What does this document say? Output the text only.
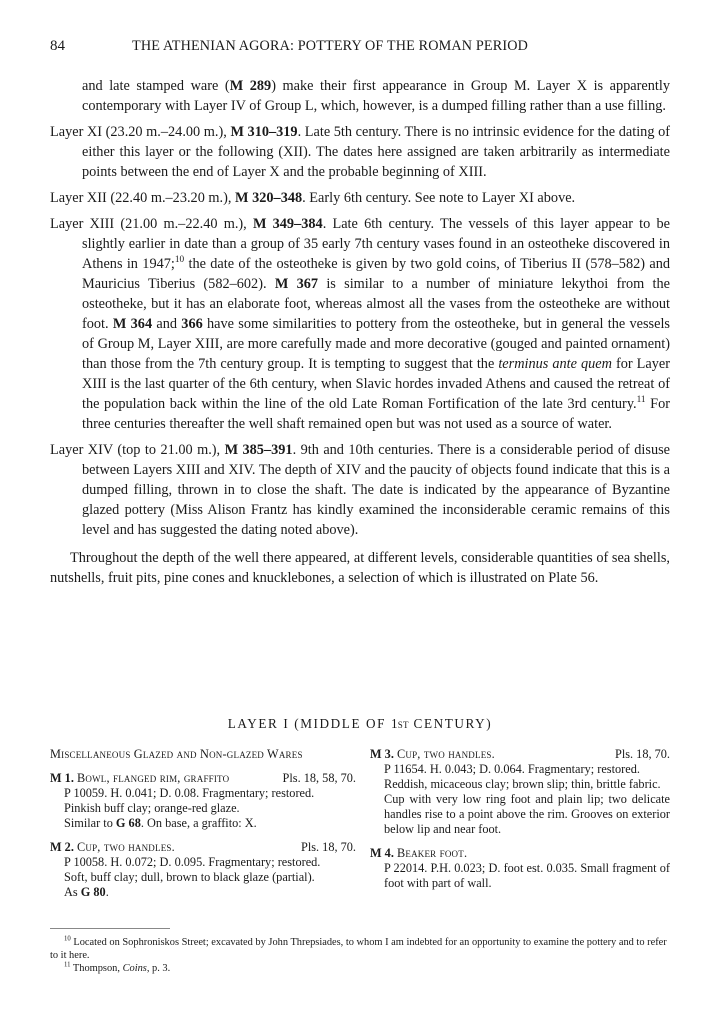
84	THE ATHENIAN AGORA: POTTERY OF THE ROMAN PERIOD

and late stamped ware (M 289) make their first appearance in Group M. Layer X is apparently contemporary with Layer IV of Group L, which, however, is a dumped filling rather than a use filling.

Layer XI (23.20 m.–24.00 m.), M 310–319. Late 5th century. There is no intrinsic evidence for the dating of either this layer or the following (XII). The dates here assigned are taken arbitrarily as intermediate points between the end of Layer X and the probable beginning of XIII.

Layer XII (22.40 m.–23.20 m.), M 320–348. Early 6th century. See note to Layer XI above.

Layer XIII (21.00 m.–22.40 m.), M 349–384. Late 6th century. The vessels of this layer appear to be slightly earlier in date than a group of 35 early 7th century vases found in an osteotheke discovered in Athens in 1947;$^{10}$ the date of the osteotheke is given by two gold coins, of Tiberius II (578–582) and Mauricius Tiberius (582–602). M 367 is similar to a number of miniature lekythoi from the osteotheke, but it has an elaborate foot, whereas almost all the vases from the osteotheke are without foot. M 364 and 366 have some similarities to pottery from the osteotheke, but in general the vessels of Group M, Layer XIII, are more carefully made and more decorative (gouged and painted ornament) than those from the 7th century group. It is tempting to suggest that the terminus ante quem for Layer XIII is the last quarter of the 6th century, when Slavic hordes invaded Athens and caused the retreat of the population back within the line of the old Late Roman Fortification of the late 3rd century.$^{11}$ For three centuries thereafter the well shaft remained open but was not used as a source of water.

Layer XIV (top to 21.00 m.), M 385–391. 9th and 10th centuries. There is a considerable period of disuse between Layers XIII and XIV. The depth of XIV and the paucity of objects found indicate that this is a dumped filling, thrown in to close the shaft. The date is indicated by the appearance of Byzantine glazed pottery (Miss Alison Frantz has kindly examined the inconsiderable ceramic remains of this level and has suggested the dating noted above).

Throughout the depth of the well there appeared, at different levels, considerable quantities of sea shells, nutshells, fruit pits, pine cones and knucklebones, a selection of which is illustrated on Plate 56.

LAYER I (MIDDLE OF 1st CENTURY)

Miscellaneous Glazed and Non-glazed Wares

M 1. Bowl, flanged rim, graffito	Pls. 18, 58, 70.

P 10059. H. 0.041; D. 0.08. Fragmentary; restored.

Pinkish buff clay; orange-red glaze.

Similar to G 68. On base, a graffito: X.

M 2. Cup, two handles.	Pls. 18, 70.

P 10058. H. 0.072; D. 0.095. Fragmentary; restored.

Soft, buff clay; dull, brown to black glaze (partial).

As G 80.

M 3. Cup, two handles.	Pls. 18, 70.

P 11654. H. 0.043; D. 0.064. Fragmentary; restored.

Reddish, micaceous clay; brown slip; thin, brittle fabric.

Cup with very low ring foot and plain lip; two delicate handles rise to a point above the rim. Grooves on exterior below lip and near foot.

M 4. Beaker foot.

P 22014. P.H. 0.023; D. foot est. 0.035. Small fragment of foot with part of wall.

$^{10}$ Located on Sophroniskos Street; excavated by John Threpsiades, to whom I am indebted for an opportunity to examine the pottery and to refer to it here.

$^{11}$ Thompson, Coins, p. 3.
